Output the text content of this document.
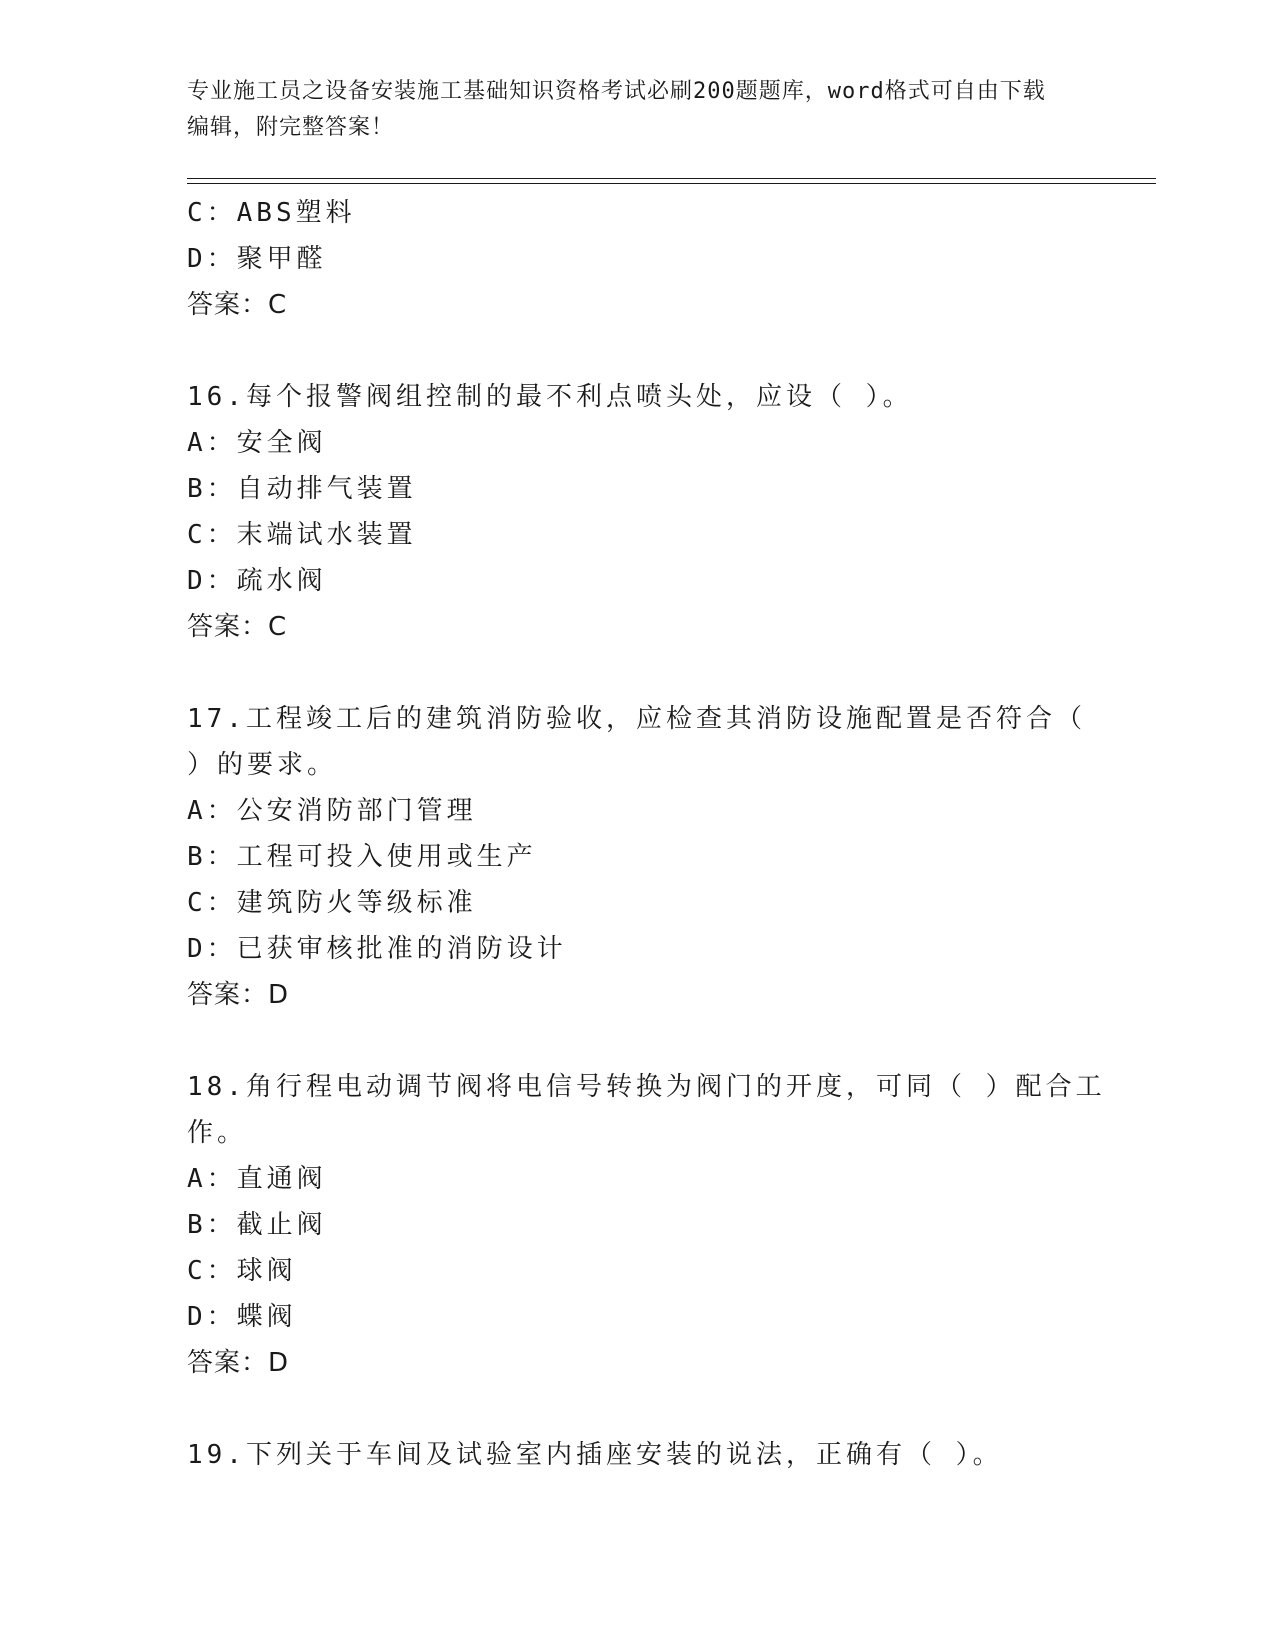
专业施工员之设备安装施工基础知识资格考试必刷200题题库，word格式可自由下载编辑，附完整答案！
C：ABS塑料
D：聚甲醛
答案：C
16.每个报警阀组控制的最不利点喷头处，应设（ ）。
A：安全阀
B：自动排气装置
C：末端试水装置
D：疏水阀
答案：C
17.工程竣工后的建筑消防验收，应检查其消防设施配置是否符合（
）的要求。
A：公安消防部门管理
B：工程可投入使用或生产
C：建筑防火等级标准
D：已获审核批准的消防设计
答案：D
18.角行程电动调节阀将电信号转换为阀门的开度，可同（ ）配合工
作。
A：直通阀
B：截止阀
C：球阀
D：蝶阀
答案：D
19.下列关于车间及试验室内插座安装的说法，正确有（ ）。
